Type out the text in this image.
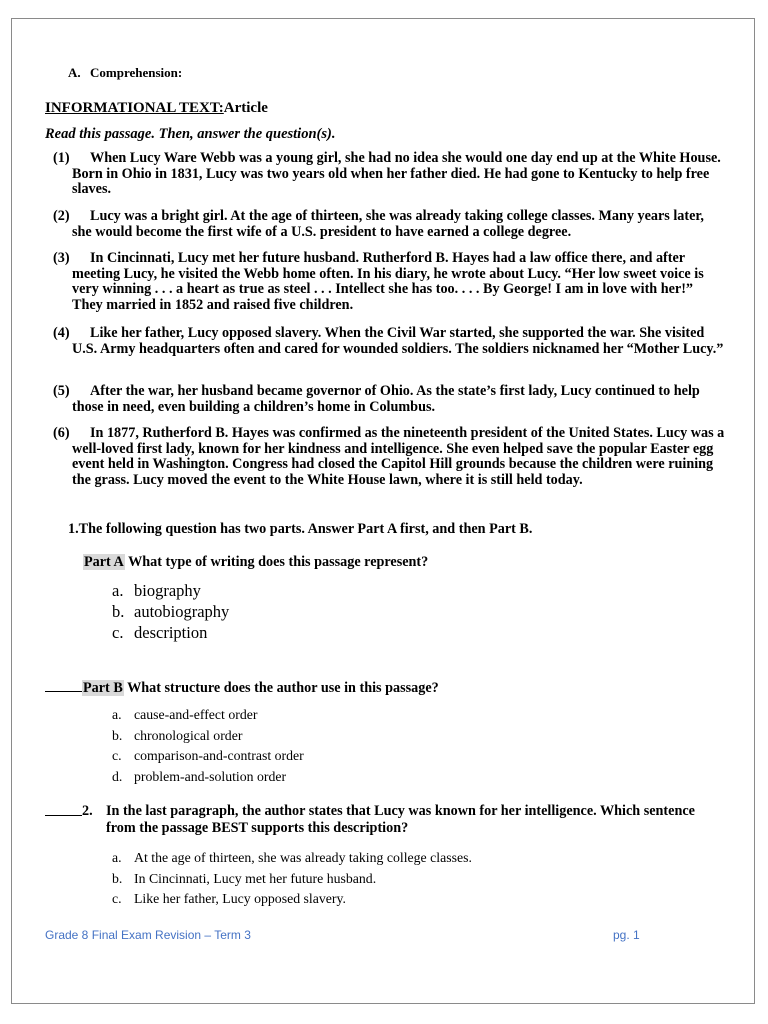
A. Comprehension:
INFORMATIONAL TEXT:Article
Read this passage. Then, answer the question(s).
(1)	When Lucy Ware Webb was a young girl, she had no idea she would one day end up at the White House. Born in Ohio in 1831, Lucy was two years old when her father died. He had gone to Kentucky to help free slaves.
(2)	Lucy was a bright girl. At the age of thirteen, she was already taking college classes. Many years later, she would become the first wife of a U.S. president to have earned a college degree.
(3)	In Cincinnati, Lucy met her future husband. Rutherford B. Hayes had a law office there, and after meeting Lucy, he visited the Webb home often. In his diary, he wrote about Lucy. “Her low sweet voice is very winning . . . a heart as true as steel . . . Intellect she has too. . . . By George! I am in love with her!” They married in 1852 and raised five children.
(4)	Like her father, Lucy opposed slavery. When the Civil War started, she supported the war. She visited U.S. Army headquarters often and cared for wounded soldiers. The soldiers nicknamed her “Mother Lucy.”
(5)	After the war, her husband became governor of Ohio. As the state’s first lady, Lucy continued to help those in need, even building a children’s home in Columbus.
(6)	In 1877, Rutherford B. Hayes was confirmed as the nineteenth president of the United States. Lucy was a well-loved first lady, known for her kindness and intelligence. She even helped save the popular Easter egg event held in Washington. Congress had closed the Capitol Hill grounds because the children were ruining the grass. Lucy moved the event to the White House lawn, where it is still held today.
1.The following question has two parts. Answer Part A first, and then Part B.
Part A What type of writing does this passage represent?
a. biography
b. autobiography
c. description
Part B What structure does the author use in this passage?
a. cause-and-effect order
b. chronological order
c. comparison-and-contrast order
d. problem-and-solution order
2. In the last paragraph, the author states that Lucy was known for her intelligence. Which sentence from the passage BEST supports this description?
a. At the age of thirteen, she was already taking college classes.
b. In Cincinnati, Lucy met her future husband.
c. Like her father, Lucy opposed slavery.
Grade 8 Final Exam Revision – Term 3	pg. 1
